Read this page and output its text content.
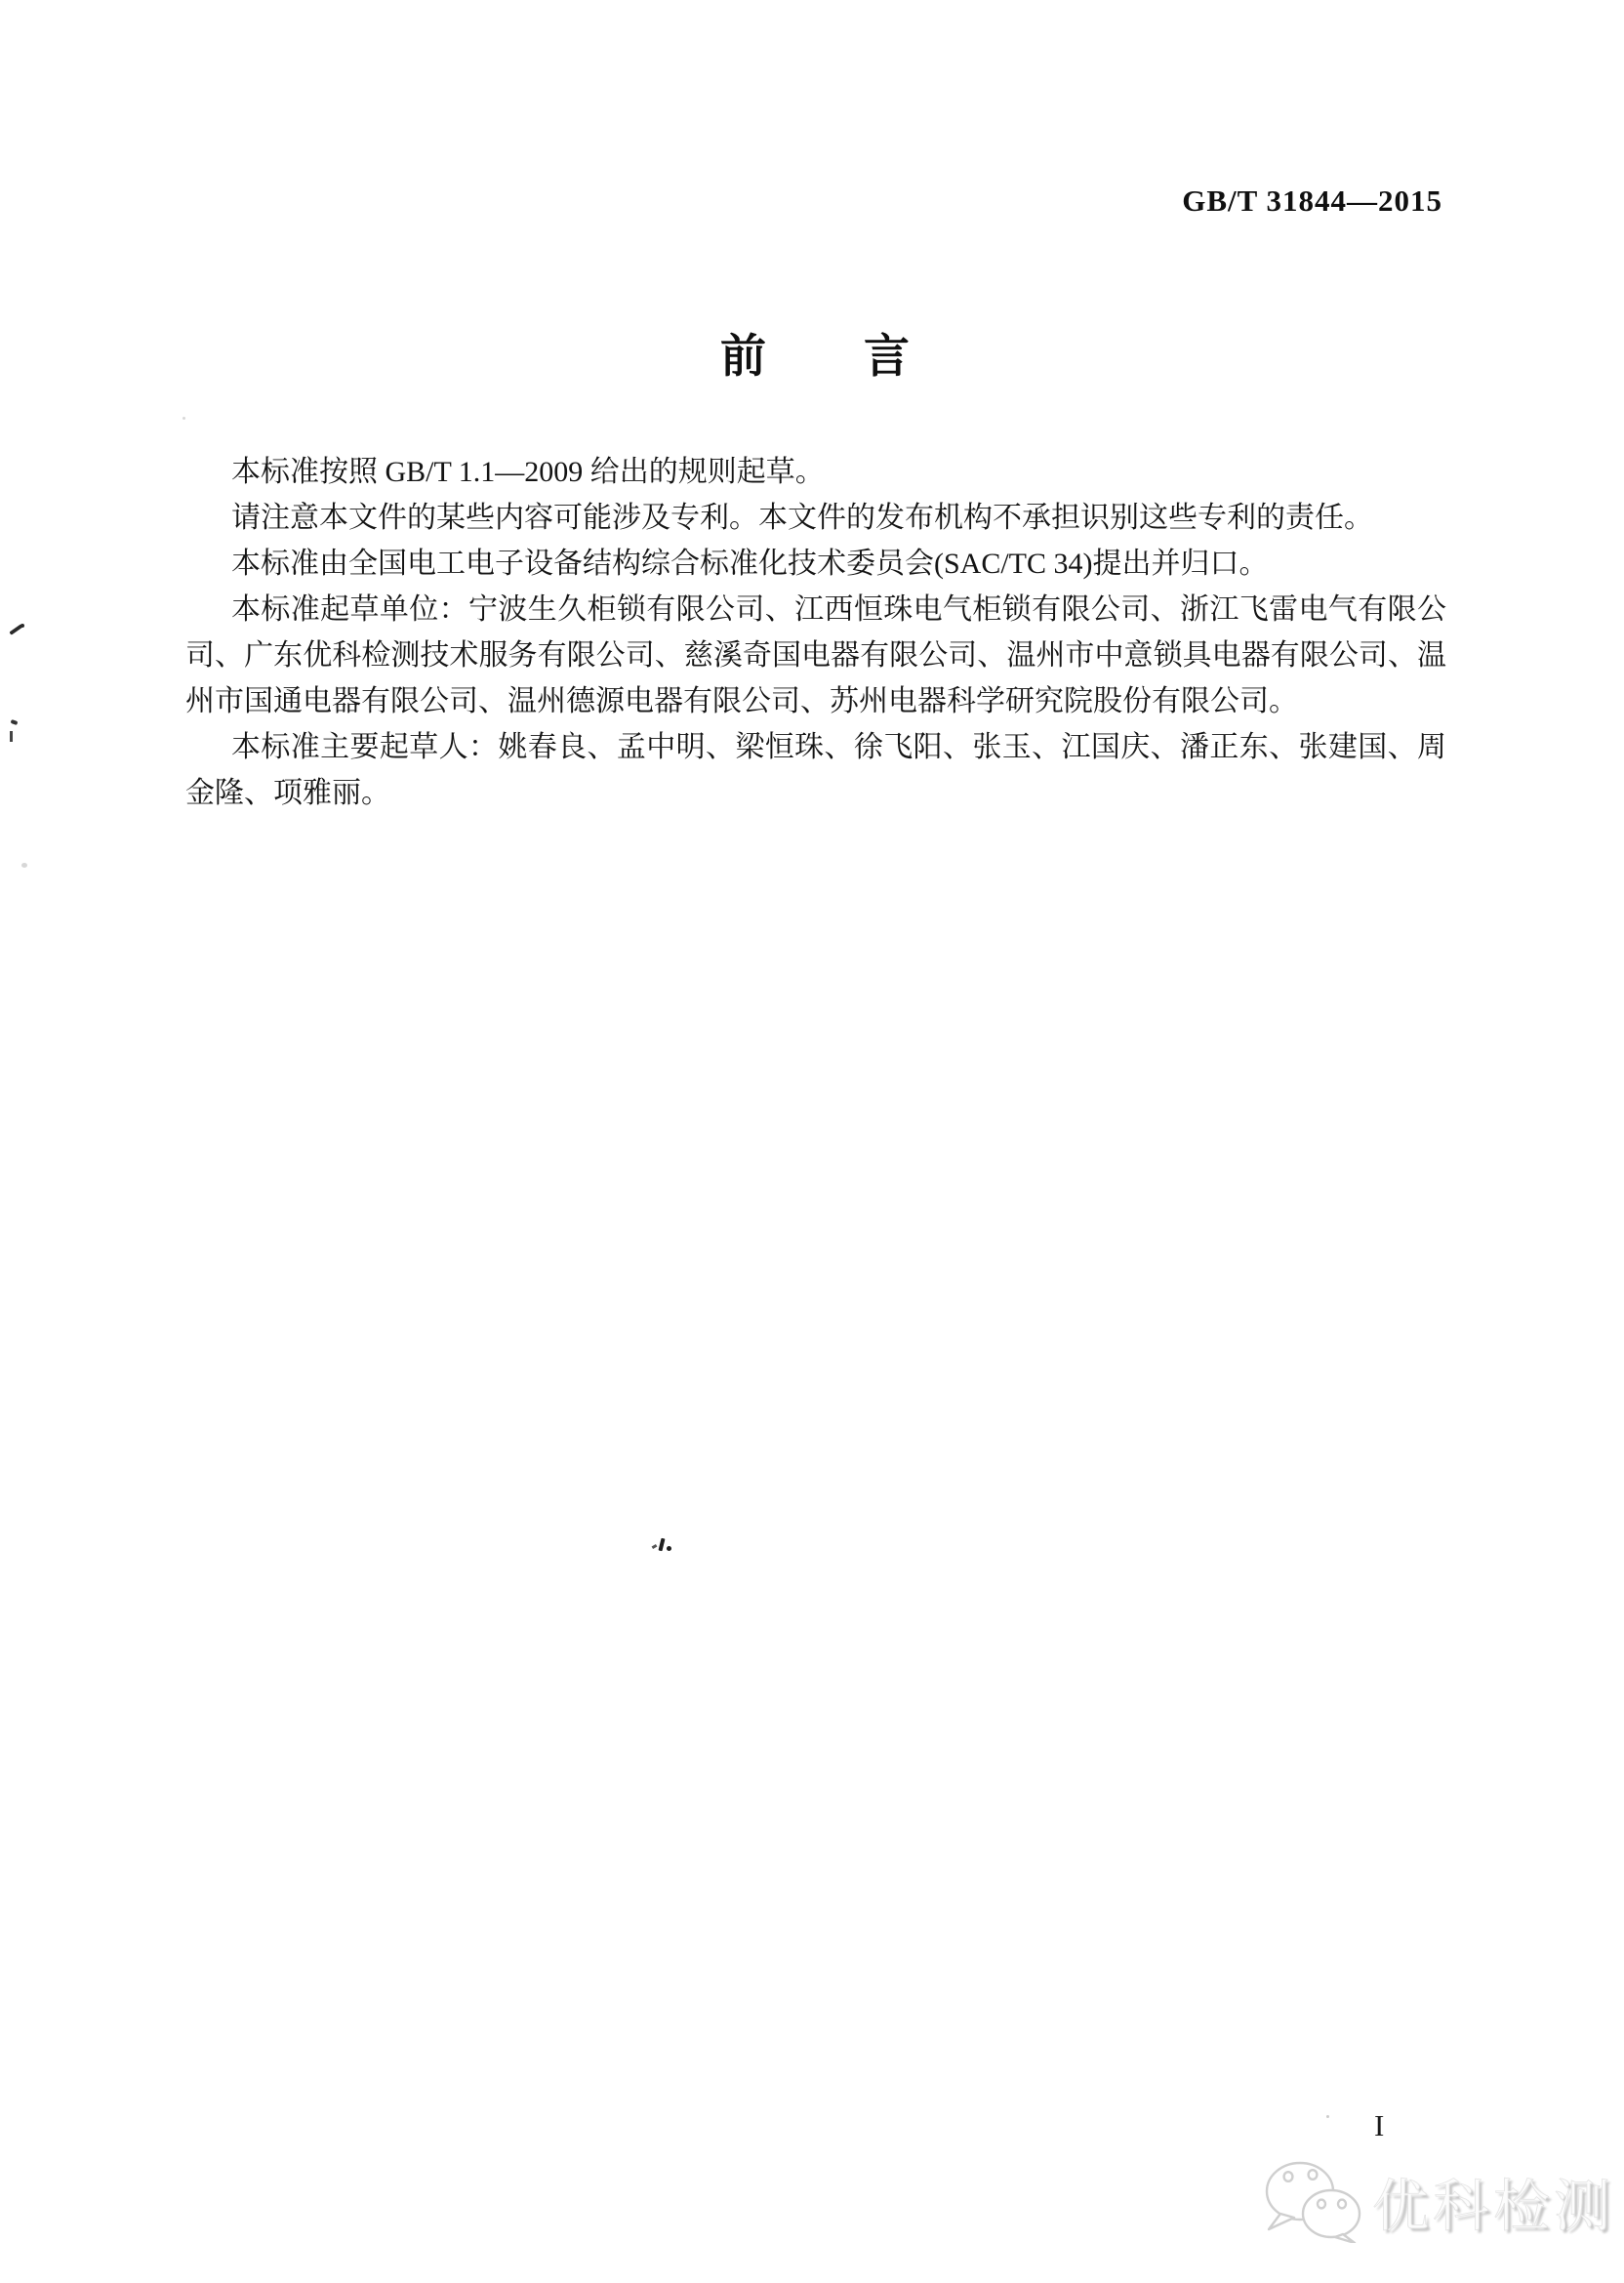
GB/T 31844—2015
前　　言

本标准按照 GB/T 1.1—2009 给出的规则起草。

请注意本文件的某些内容可能涉及专利。本文件的发布机构不承担识别这些专利的责任。

本标准由全国电工电子设备结构综合标准化技术委员会(SAC/TC 34)提出并归口。

本标准起草单位：宁波生久柜锁有限公司、江西恒珠电气柜锁有限公司、浙江飞雷电气有限公司、广东优科检测技术服务有限公司、慈溪奇国电器有限公司、温州市中意锁具电器有限公司、温州市国通电器有限公司、温州德源电器有限公司、苏州电器科学研究院股份有限公司。

本标准主要起草人：姚春良、孟中明、梁恒珠、徐飞阳、张玉、江国庆、潘正东、张建国、周金隆、项雅丽。

I
优科检测
